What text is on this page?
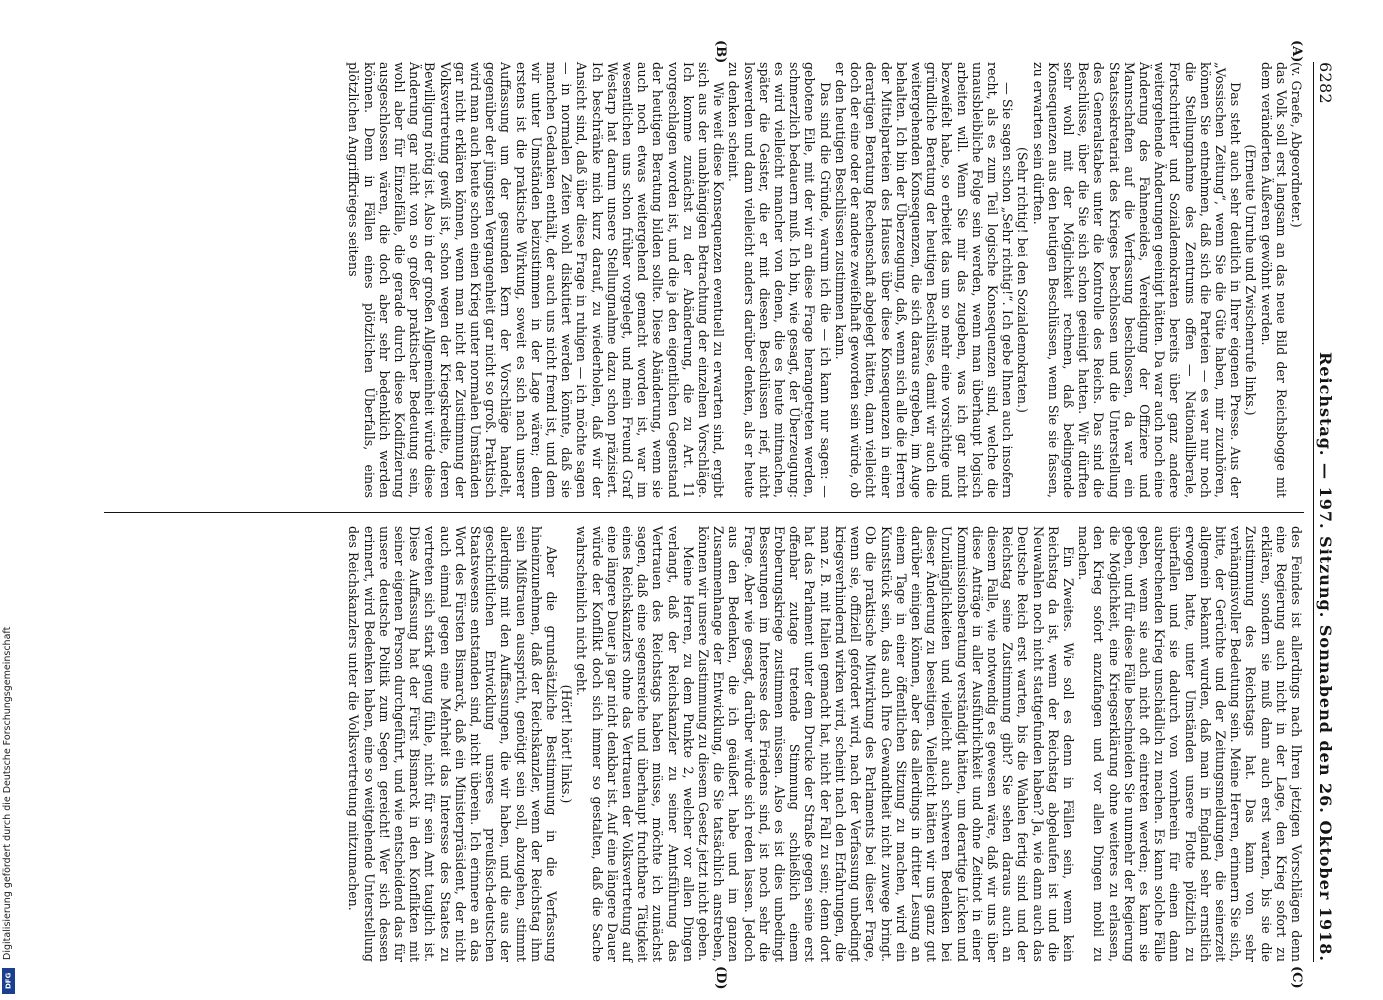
6282
Reichstag. — 197. Sitzung. Sonnabend den 26. Oktober 1918.
(A)
(B)
(C)
(D)

(v. Graefe, Abgeordneter.)

das Volk soll erst langsam an das neue Bild der Reichsbogge mit dem veränderten Äußeren gewöhnt werden.

(Erneute Unruhe und Zwischenrufe links.)

Das steht auch sehr deutlich in Ihrer eigenen Presse. Aus der „Vossischen Zeitung“, wenn Sie die Güte haben, mir zuzuhören, können Sie entnehmen, daß sich die Parteien — es war nur noch die Stellungnahme des Zentrums offen — Nationalliberale, Fortschrittler und Sozialdemokraten bereits über ganz andere weitergehende Änderungen geeinigt hätten. Da war auch noch eine Änderung des Fahneneides, Vereidigung der Offiziere und Mannschaften auf die Verfassung beschlossen, da war ein Staatssekretariat des Krieges beschlossen und die Unterstellung des Generalstabes unter die Kontrolle des Reichs. Das sind die Beschlüsse, über die Sie sich schon geeinigt hatten. Wir dürften sehr wohl mit der Möglichkeit rechnen, daß bedingende Konsequenzen aus den heutigen Beschlüssen, wenn Sie sie fassen, zu erwarten sein dürften.

(Sehr richtig! bei den Sozialdemokraten.)

— Sie sagen schon „Sehr richtig!“. Ich gebe Ihnen auch insofern recht, als es zum Teil logische Konsequenzen sind, welche die unausbleibliche Folge sein werden, wenn man überhaupt logisch arbeiten will. Wenn Sie mir das zugeben, was ich gar nicht bezweifelt habe, so erbeitet das um so mehr eine vorsichtige und gründliche Beratung der heutigen Beschlüsse, damit wir auch die weitergehenden Konsequenzen, die sich daraus ergeben, im Auge behalten. Ich bin der Überzeugung, daß, wenn sich alle die Herren der Mittelparteien des Hauses über diese Konsequenzen in einer derartigen Beratung Rechenschaft abgelegt hätten, dann vielleicht doch der eine oder der andere zweifelhaft geworden sein würde, ob er den heutigen Beschlüssen zustimmen kann.

Das sind die Gründe, warum ich die — ich kann nur sagen: — gebotene Eile, mit der wir an diese Frage herangetreten werden, schmerzlich bedauern muß. Ich bin, wie gesagt, der Überzeugung: es wird vielleicht mancher von denen, die es heute mitmachen, später die Geister, die er mit diesen Beschlüssen rief, nicht loswerden und dann vielleicht anders darüber denken, als er heute zu denken scheint.

Wie weit diese Konsequenzen eventuell zu erwarten sind, ergibt sich aus der unabhängigen Betrachtung der einzelnen Vorschläge. Ich komme zunächst zu der Abänderung, die zu Art. 11 vorgeschlagen worden ist, und die ja den eigentlichen Gegenstand der heutigen Beratung bilden sollte. Diese Abänderung, wenn sie auch noch etwas weitergehend gemacht worden ist, war im wesentlichen uns schon früher vorgelegt, und mein Freund Graf Westarp hat darum unsere Stellungnahme dazu schon präzisiert. Ich beschränke mich kurz darauf, zu wiederholen, daß wir der Ansicht sind, daß über diese Frage in ruhigen — ich möchte sagen — in normalen Zeiten wohl diskutiert werden könnte, daß sie manchen Gedanken enthält, der auch uns nicht fremd ist, und dem wir unter Umständen beizustimmen in der Lage wären; denn erstens ist die praktische Wirkung, soweit es sich nach unserer Auffassung um der gesunden Kern der Vorschläge handelt, gegenüber der jüngsten Vergangenheit gar nicht so groß. Praktisch wird man auch heute schon einen Krieg unter normalen Umständen gar nicht erklären können, wenn man nicht der Zustimmung der Volksvertretung gewiß ist, schon wegen der Kriegskredite, deren Bewilligung nötig ist. Also in der großen Allgemeinheit würde diese Änderung gar nicht von so großer praktischer Bedeutung sein, wohl aber für Einzelfälle, die gerade durch diese Kodifizierung ausgeschlossen wären, die doch aber sehr bedenklich werden können. Denn in Fällen eines plötzlichen Überfalls, eines plötzlichen Angriffkrieges seitens

des Feindes ist allerdings nach Ihren jetzigen Vorschlägen denn eine Regierung auch nicht in der Lage, den Krieg sofort zu erklären, sondern sie muß dann auch erst warten, bis sie die Zustimmung des Reichstags hat. Das kann von sehr verhängnisvoller Bedeutung sein. Meine Herren, erinnern Sie sich, bitte, der Gerüchte und der Zeitungsmeldungen, die seinerzeit allgemein bekannt wurden, daß man in England sehr ernstlich erwogen hatte, unter Umständen unsere Flotte plötzlich zu überfallen und sie dadurch von vornherein für einen dann ausbrechenden Krieg unschädlich zu machen. Es kann solche Fälle geben, wenn sie auch nicht oft eintreten werden; es kann sie geben, und für diese Fälle beschneiden Sie nunmehr der Regierung die Möglichkeit, eine Kriegserklärung ohne weiteres zu erlassen, den Krieg sofort anzufangen und vor allen Dingen mobil zu machen.

Ein Zweites. Wie soll es denn in Fällen sein, wenn kein Reichstag da ist, wenn der Reichstag abgelaufen ist und die Neuwahlen noch nicht stattgefunden haben? Ja, wie dann auch das Deutsche Reich erst warten, bis die Wahlen fertig sind und der Reichstag seine Zustimmung gibt? Sie sehen daraus auch an diesem Falle, wie notwendig es gewesen wäre, daß wir uns über diese Anträge in aller Ausführlichkeit und ohne Zeitnot in einer Kommissionsberatung verständigt hätten, um derartige Lücken und Unzulänglichkeiten und vielleicht auch schweren Bedenken bei dieser Änderung zu beseitigen. Vielleicht hätten wir uns ganz gut darüber einigen können, aber das allerdings in dritter Lesung an einem Tage in einer öffentlichen Sitzung zu machen, wird ein Kunststück sein, das auch Ihre Gewandtheit nicht zuwege bringt. Ob die praktische Mitwirkung des Parlaments bei dieser Frage, wenn sie, offiziell gefordert wird, nach der Verfassung unbedingt kriegsverhindernd wirken wird, scheint nach den Erfahrungen, die man z. B. mit Italien gemacht hat, nicht der Fall zu sein; denn dort hat das Parlament unter dem Drucke der Straße gegen seine erst offenbar zutage tretende Stimmung schließlich einem Eroberungskriege zustimmen müssen. Also es ist dies unbedingt Besserungen im Interesse des Friedens sind, ist noch sehr die Frage. Aber wie gesagt, darüber würde sich reden lassen. Jedoch aus den Bedenken, die ich geäußert habe und im ganzen Zusammenhange der Entwicklung, die Sie tatsächlich anstreben, können wir unsere Zustimmung zu diesem Gesetz jetzt nicht geben.

Meine Herren, zu dem Punkte 2, welcher vor allen Dingen verlangt, daß der Reichskanzler zu seiner Amtsführung das Vertrauen des Reichstags haben müsse, möchte ich zunächst sagen, daß eine segensreiche und überhaupt fruchtbare Tätigkeit eines Reichskanzlers ohne das Vertrauen der Volksvertretung auf eine längere Dauer ja gar nicht denkbar ist. Auf eine längere Dauer würde der Konflikt doch sich immer so gestalten, daß die Sache wahrscheinlich nicht geht.

(Hört! hört! links.)

Aber die grundsätzliche Bestimmung in die Verfassung hineinzunehmen, daß der Reichskanzler, wenn der Reichstag ihm sein Mißtrauen ausspricht, genötigt sein soll, abzugehen, stimmt allerdings mit den Auffassungen, die wir haben, und die aus der geschichtlichen Entwicklung unseres preußisch-deutschen Staatswesens entstanden sind, nicht überein. Ich erinnere an das Wort des Fürsten Bismarck, daß ein Ministerpräsident, der nicht auch einmal gegen eine Mehrheit das Interesse des Staates zu vertreten sich stark genug fühle, nicht für sein Amt tauglich ist. Diese Auffassung hat der Fürst Bismarck in den Konflikten mit seiner eigenen Person durchgeführt, und wie entscheidend das für unsere deutsche Politik zum Segen gereicht! Wer sich dessen erinnert, wird Bedenken haben, eine so weitgehende Unterstellung des Reichskanzlers unter die Volksvertretung mitzumachen.

Digitalisierung gefördert durch die Deutsche Forschungsgemeinschaft
DFG
